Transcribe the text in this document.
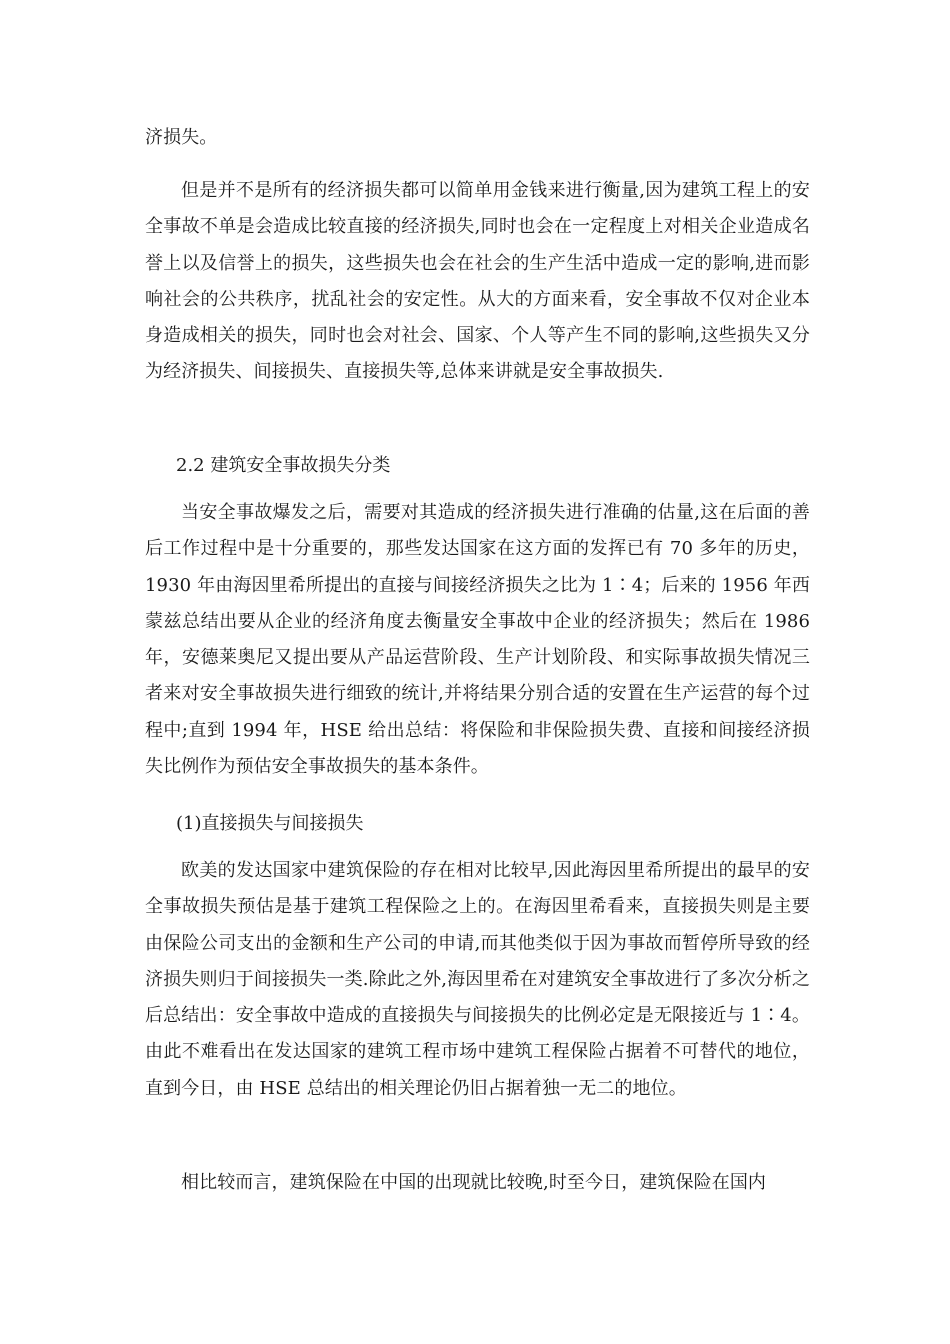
济损失。

但是并不是所有的经济损失都可以简单用金钱来进行衡量,因为建筑工程上的安全事故不单是会造成比较直接的经济损失,同时也会在一定程度上对相关企业造成名誉上以及信誉上的损失，这些损失也会在社会的生产生活中造成一定的影响,进而影响社会的公共秩序，扰乱社会的安定性。从大的方面来看，安全事故不仅对企业本身造成相关的损失，同时也会对社会、国家、个人等产生不同的影响,这些损失又分为经济损失、间接损失、直接损失等,总体来讲就是安全事故损失.

2.2 建筑安全事故损失分类

当安全事故爆发之后，需要对其造成的经济损失进行准确的估量,这在后面的善后工作过程中是十分重要的，那些发达国家在这方面的发挥已有 70 多年的历史，1930 年由海因里希所提出的直接与间接经济损失之比为 1∶4；后来的 1956 年西蒙兹总结出要从企业的经济角度去衡量安全事故中企业的经济损失；然后在 1986 年，安德莱奥尼又提出要从产品运营阶段、生产计划阶段、和实际事故损失情况三者来对安全事故损失进行细致的统计,并将结果分别合适的安置在生产运营的每个过程中;直到 1994 年，HSE 给出总结：将保险和非保险损失费、直接和间接经济损失比例作为预估安全事故损失的基本条件。

(1)直接损失与间接损失

欧美的发达国家中建筑保险的存在相对比较早,因此海因里希所提出的最早的安全事故损失预估是基于建筑工程保险之上的。在海因里希看来，直接损失则是主要由保险公司支出的金额和生产公司的申请,而其他类似于因为事故而暂停所导致的经济损失则归于间接损失一类.除此之外,海因里希在对建筑安全事故进行了多次分析之后总结出：安全事故中造成的直接损失与间接损失的比例必定是无限接近与 1∶4。由此不难看出在发达国家的建筑工程市场中建筑工程保险占据着不可替代的地位，直到今日，由 HSE 总结出的相关理论仍旧占据着独一无二的地位。

相比较而言，建筑保险在中国的出现就比较晚,时至今日，建筑保险在国内
